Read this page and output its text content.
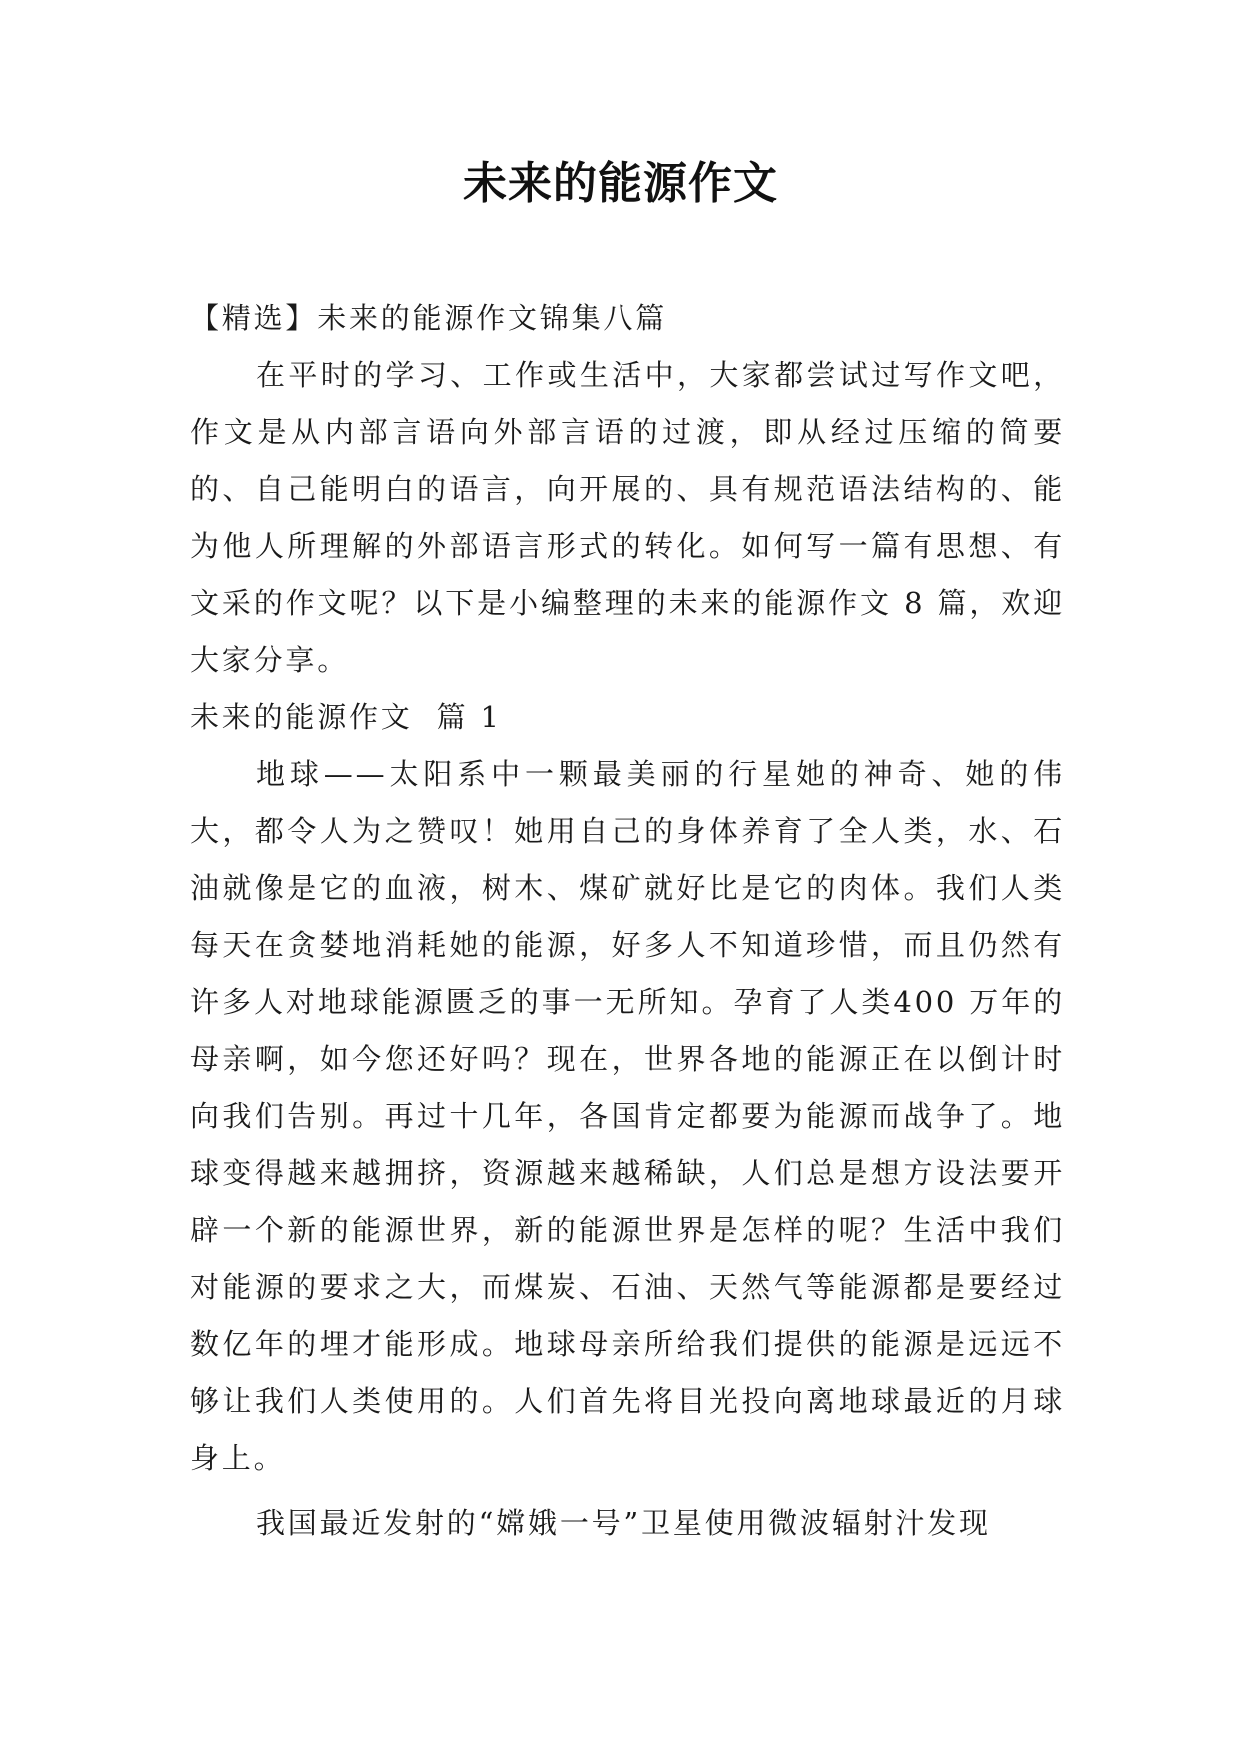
未来的能源作文
【精选】未来的能源作文锦集八篇

在平时的学习、工作或生活中，大家都尝试过写作文吧，作文是从内部言语向外部言语的过渡，即从经过压缩的简要的、自己能明白的语言，向开展的、具有规范语法结构的、能为他人所理解的外部语言形式的转化。如何写一篇有思想、有文采的作文呢？以下是小编整理的未来的能源作文 8 篇，欢迎大家分享。

未来的能源作文  篇 1

地球——太阳系中一颗最美丽的行星她的神奇、她的伟大，都令人为之赞叹！她用自己的身体养育了全人类，水、石油就像是它的血液，树木、煤矿就好比是它的肉体。我们人类每天在贪婪地消耗她的能源，好多人不知道珍惜，而且仍然有许多人对地球能源匮乏的事一无所知。孕育了人类400 万年的母亲啊，如今您还好吗？现在，世界各地的能源正在以倒计时向我们告别。再过十几年，各国肯定都要为能源而战争了。地球变得越来越拥挤，资源越来越稀缺，人们总是想方设法要开辟一个新的能源世界，新的能源世界是怎样的呢？生活中我们对能源的要求之大，而煤炭、石油、天然气等能源都是要经过数亿年的埋才能形成。地球母亲所给我们提供的能源是远远不够让我们人类使用的。人们首先将目光投向离地球最近的月球身上。

我国最近发射的“嫦娥一号”卫星使用微波辐射汁发现
